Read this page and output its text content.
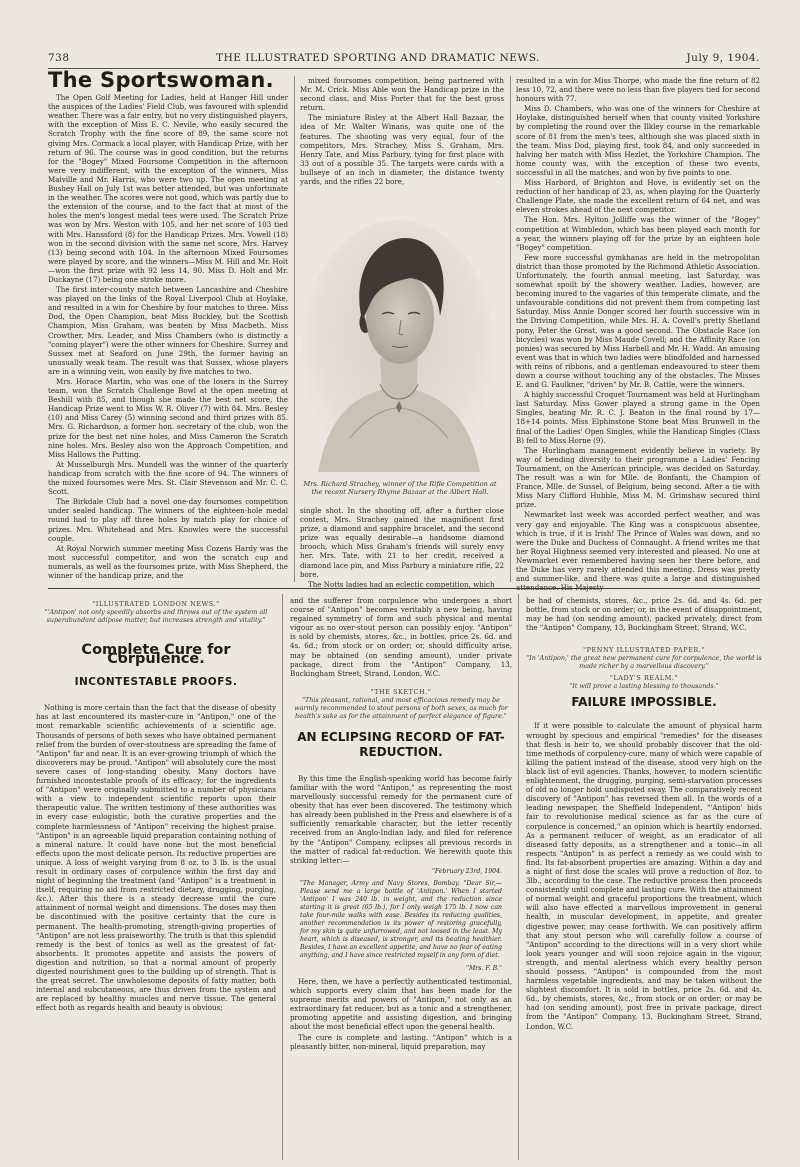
738	THE ILLUSTRATED SPORTING AND DRAMATIC NEWS.	July 9, 1904.
The Sportswoman.

The Open Golf Meeting for Ladies, held at Hanger Hill under the auspices of the Ladies' Field Club, was favoured with splendid weather. There was a fair entry, but no very distinguished players, with the exception of Miss E. C. Nevile, who easily secured the Scratch Trophy with the fine score of 89, the same score not giving Mrs. Cormack a local player, with Handicap Prize, with her return of 96. The course was in good condition, but the returns for the "Bogey" Mixed Foursome Competition in the afternoon were very indifferent, with the exception of the winners, Miss Maiville and Mr. Harris, who were two up. The open meeting at Bushey Hall on July 1st was better attended, but was unfortunate in the weather. The scores were not good, which was partly due to the extension of the course, and to the fact that at most of the holes the men's longest medal tees were used. The Scratch Prize was won by Mrs. Weston with 105, and her net score of 103 tied with Mrs. Hanssford (8) for the Handicap Prizes. Mrs. Vowell (18) won in the second division with the same net score, Mrs. Harvey (13) being second with 104. In the afternoon Mixed Foursomes were played by score, and the winners—Miss M. Hill and Mr. Holt—won the first prize with 92 less 14, 90. Miss D. Holt and Mr. Duckayne (17) being one stroke more.

The first inter-county match between Lancashire and Cheshire was played on the links of the Royal Liverpool Club at Hoylake, and resulted in a win for Cheshire by four matches to three. Miss Dod, the Open Champion, beat Miss Buckley, but the Scottish Champion, Miss Graham, was beaten by Miss Macbeth. Miss Crowther, Mrs. Leader, and Miss Chambers (who is distinctly a "coming player") were the other winners for Cheshire. Surrey and Sussex met at Seaford on June 29th, the former having an unusually weak team. The result was that Sussex, whose players are in a winning vein, won easily by five matches to two.

Mrs. Horace Martin, who was one of the losers in the Surrey team, won the Scratch Challenge Bowl at the open meeting at Beshill with 85, and though she made the best net score, the Handicap Prize went to Miss W. R. Oliver (7) with 84. Mrs. Besley (10) and Miss Carey (5) winning second and third prizes with 85. Mrs. G. Richardson, a former hon. secretary of the club, won the prize for the best net nine holes, and Miss Cameron the Scratch nine holes. Mrs. Besley also won the Approach Competition, and Miss Hallows the Putting.

At Musselburgh Mrs. Mundell was the winner of the quarterly handicap from scratch with the fine score of 94. The winners of the mixed foursomes were Mrs. St. Clair Stevenson and Mr. C. C. Scott.

The Birkdale Club had a novel one-day foursomes competition under sealed handicap. The winners of the eighteen-hole medal round had to play off three holes by match play for choice of prizes. Mrs. Whitehead and Mrs. Knowles were the successful couple.

At Royal Norwich summer meeting Miss Cozens Hardy was the most successful competitor, and won the scratch cup and numerals, as well as the foursomes prize, with Miss Shepherd, the winner of the handicap prize, and the

mixed foursomes competition, being partnered with Mr. M. Crick. Miss Able won the Handicap prize in the second class, and Miss Porter that for the best gross return.

The miniature Bisley at the Albert Hall Bazaar, the idea of Mr. Walter Winans, was quite one of the features. The shooting was very equal, four of the competitors, Mrs. Strachey, Miss S. Graham, Mrs. Henry Tate, and Miss Parbury, tying for first place with 33 out of a possible 35. The targets were cards with a bullseye of an inch in diameter, the distance twenty yards, and the rifles 22 bore,

Mrs. Richard Strachey, winner of the Rifle Competition at the recent Nursery Rhyme Bazaar at the Albert Hall.

single shot. In the shooting off, after a further close contest, Mrs. Strachey gained the magnificent first prize, a diamond and sapphire bracelet, and the second prize was equally desirable—a handsome diamond brooch, which Miss Graham's friends will surely envy her. Mrs. Tate, with 21 to her credit, received a diamond lace pin, and Miss Parbury a miniature rifle, 22 bore.

The Notts ladies had an eclectic competition, which

resulted in a win for Miss Thorpe, who made the fine return of 82 less 10, 72, and there were no less than five players tied for second honours with 77.

Miss D. Chambers, who was one of the winners for Cheshire at Hoylake, distinguished herself when that county visited Yorkshire by completing the round over the Ilkley course in the remarkable score of 81 from the men's tees, although she was placed sixth in the team. Miss Dod, playing first, took 84, and only succeeded in halving her match with Miss Hezlet, the Yorkshire Champion. The home county was, with the exception of these two events, successful in all the matches, and won by five points to one.

Miss Harbord, of Brighton and Hove, is evidently set on the reduction of her handicap of 23, as, when playing for the Quarterly Challenge Plate, she made the excellent return of 64 net, and was eleven strokes ahead of the next competitor.

The Hon. Mrs. Hylton Jolliffe was the winner of the "Bogey" competition at Wimbledon, which has been played each month for a year, the winners playing off for the prize by an eighteen hole "Bogey" competition.

Few more successful gymkhanas are held in the metropolitan district than those promoted by the Richmond Athletic Association. Unfortunately, the fourth annual meeting, last Saturday, was somewhat spoilt by the showery weather. Ladies, however, are becoming inured to the vagaries of this temperate climate, and the unfavourable conditions did not prevent them from competing last Saturday. Miss Annie Donger scored her fourth successive win in the Driving Competition, while Mrs. H. A. Covell's pretty Shetland pony, Peter the Great, was a good second. The Obstacle Race (on bicycles) was won by Miss Maude Covell; and the Affinity Race (on ponies) was secured by Miss Harbell and Mr. H. Wadd. An amusing event was that in which two ladies were blindfolded and harnessed with reins of ribbons, and a gentleman endeavoured to steer them down a course without touching any of the obstacles. The Misses E. and G. Faulkner, "driven" by Mr. B. Cattle, were the winners.

A highly successful Croquet Tournament was held at Hurlingham last Saturday. Miss Gower played a strong game in the Open Singles, beating Mr. R. C. J. Beaton in the final round by 17—18+14 points. Miss Elphinstone Stone beat Miss Brunwell in the final of the Ladies' Open Singles, while the Handicap Singles (Class B) fell to Miss Horne (9).

The Hurlingham management evidently believe in variety. By way of bending diversity to their programme a Ladies' Fencing Tournament, on the American principle, was decided on Saturday. The result was a win for Mlle. de Bonfanti, the Champion of France, Mlle. de Sussel, of Belgium, being second. After a tie with Miss Mary Clifford Hubble, Miss M. M. Grimshaw secured third prize.

Newmarket last week was accorded perfect weather, and was very gay and enjoyable. The King was a conspicuous absentee, which is true, if it is Irish! The Prince of Wales was down, and so were the Duke and Duchess of Connaught. A friend writes me that her Royal Highness seemed very interested and pleased. No one at Newmarket ever remembered having seen her there before, and the Duke has very rarely attended this meeting. Dress was pretty and summer-like, and there was quite a large and distinguished attendance. His Majesty

"ILLUSTRATED LONDON NEWS."
"'Antipon' not only speedily absorbs and throws out of the system all superabundant adipose matter, but increases strength and vitality."
Complete Cure for Corpulence.
INCONTESTABLE PROOFS.

Nothing is more certain than the fact that the disease of obesity has at last encountered its master-cure in "Antipon," one of the most remarkable scientific achievements of a scientific age. Thousands of persons of both sexes who have obtained permanent relief from the burden of over-stoutness are spreading the fame of "Antipon" far and near. It is an ever-growing triumph of which the discoverers may be proud. "Antipon" will absolutely cure the most severe cases of long-standing obesity. Many doctors have furnished incontestable proofs of its efficacy; for the ingredients of "Antipon" were originally submitted to a number of physicians with a view to independent scientific reports upon their therapeutic value. The written testimony of these authorities was in every case eulogistic, both the curative properties and the complete harmlessness of "Antipon" receiving the highest praise. "Antipon" is an agreeable liquid preparation containing nothing of a mineral nature. It could have none but the most beneficial effects upon the most delicate person. Its reductive properties are unique. A loss of weight varying from 8 oz. to 3 lb. is the usual result in ordinary cases of corpulence within the first day and night of beginning the treatment (and "Antipon" is a treatment in itself, requiring no aid from restricted dietary, drugging, purging, &c.). After this there is a steady decrease until the cure attainment of normal weight and dimensions. The doses may then be discontinued with the positive certainty that the cure is permanent. The health-promoting, strength-giving properties of "Antipon" are not less praiseworthy. The truth is that this splendid remedy is the best of tonics as well as the greatest of fat-absorbents. It promotes appetite and assists the powers of digestion and nutrition, so that a normal amount of properly digested nourishment goes to the building up of strength. That is the great secret. The unwholesome deposits of fatty matter, both internal and subcutaneous, are thus driven from the system and are replaced by healthy muscles and nerve tissue. The general effect both as regards health and beauty is obvious;

and the sufferer from corpulence who undergoes a short course of "Antipon" becomes veritably a new being, having regained symmetry of form and such physical and mental vigour as no over-stout person can possibly enjoy. "Antipon" is sold by chemists, stores, &c., in bottles, price 2s. 6d. and 4s. 6d.; from stock or on order; or, should difficulty arise, may be obtained (on sending amount), under private package, direct from the "Antipon" Company, 13, Buckingham Street, Strand, London, W.C.

"THE SKETCH."
"This pleasant, rational, and most efficacious remedy may be warmly recommended to stout persons of both sexes, as much for health's sake as for the attainment of perfect elegance of figure."
AN ECLIPSING RECORD OF FAT-REDUCTION.

By this time the English-speaking world has become fairly familiar with the word "Antipon," as representing the most marvellously successful remedy for the permanent cure of obesity that has ever been discovered. The testimony which has already been published in the Press and elsewhere is of a sufficiently remarkable character, but the letter recently received from an Anglo-Indian lady, and filed for reference by the "Antipon" Company, eclipses all previous records in the matter of radical fat-reduction. We herewith quote this striking letter:—

"February 23rd, 1904.
"The Manager, Army and Navy Stores, Bombay. "Dear Sir,—Please send me a large bottle of 'Antipon.' When I started 'Antipon' I was 240 lb. in weight, and the reduction since starting it is great (65 lb.), for I only weigh 175 lb. I now can take four-mile walks with ease. Besides its reducing qualities, another recommendation is its power of restoring gracefully, for my skin is quite unfurrowed, and not loosed in the least. My heart, which is diseased, is stronger, and its beating healthier. Besides, I have an excellent appetite, and have no fear of eating anything, and I have since restricted myself in any form of diet.
"Mrs. F. B."

Here, then, we have a perfectly authenticated testimonial, which supports every claim that has been made for the supreme merits and powers of "Antipon," not only as an extraordinary fat reducer, but as a tonic and a strengthener, promoting appetite and assisting digestion, and bringing about the most beneficial effect upon the general health.

The cure is complete and lasting. "Antipon" which is a pleasantly bitter, non-mineral, liquid preparation, may

be had of chemists, stores, &c., price 2s. 6d. and 4s. 6d. per bottle, from stock or on order; or, in the event of disappointment, may be had (on sending amount), packed privately, direct from the "Antipon" Company, 13, Buckingham Street, Strand, W.C.

"PENNY ILLUSTRATED PAPER."
"In 'Antipon,' the great new permanent cure for corpulence, the world is made richer by a marvellous discovery."
"LADY'S REALM."
"It will prove a lasting blessing to thousands."
FAILURE IMPOSSIBLE.

If it were possible to calculate the amount of physical harm wrought by specious and empirical "remedies" for the diseases that flesh is heir to, we should probably discover that the old-time methods of corpulency-cure, many of which were capable of killing the patient instead of the disease, stood very high on the black list of evil agencies. Thanks, however, to modern scientific enlightenment, the drugging, purging, semi-starvation processes of old no longer hold undisputed sway. The comparatively recent discovery of "Antipon" has reversed them all. In the words of a leading newspaper, the Sheffield Independent, "'Antipon' bids fair to revolutionise medical science as far as the cure of corpulence is concerned," an opinion which is heartily endorsed. As a permanent reducer of weight, as an eradicator of all diseased fatty deposits, as a strengthener and a tonic—in all respects "Antipon" is as perfect a remedy as we could wish to find. Its fat-absorbent properties are amazing. Within a day and a night of first dose the scales will prove a reduction of 8oz. to 3lb., according to the case. The reductive process then proceeds consistently until complete and lasting cure. With the attainment of normal weight and graceful proportions the treatment, which will also have effected a marvellous improvement in general health, in muscular development, in appetite, and greater digestive power, may cease forthwith. We can positively affirm that any stout person who will carefully follow a course of "Antipon" according to the directions will in a very short while look years younger and will soon rejoice again in the vigour, strength, and mental alertness which every healthy person should possess. "Antipon" is compounded from the most harmless vegetable ingredients, and may be taken without the slightest discomfort. It is sold in bottles, price 2s. 6d. and 4s. 6d., by chemists, stores, &c., from stock or on order; or may be had (on sending amount), post free in private package, direct from the "Antipon" Company, 13, Buckingham Street, Strand, London, W.C.
